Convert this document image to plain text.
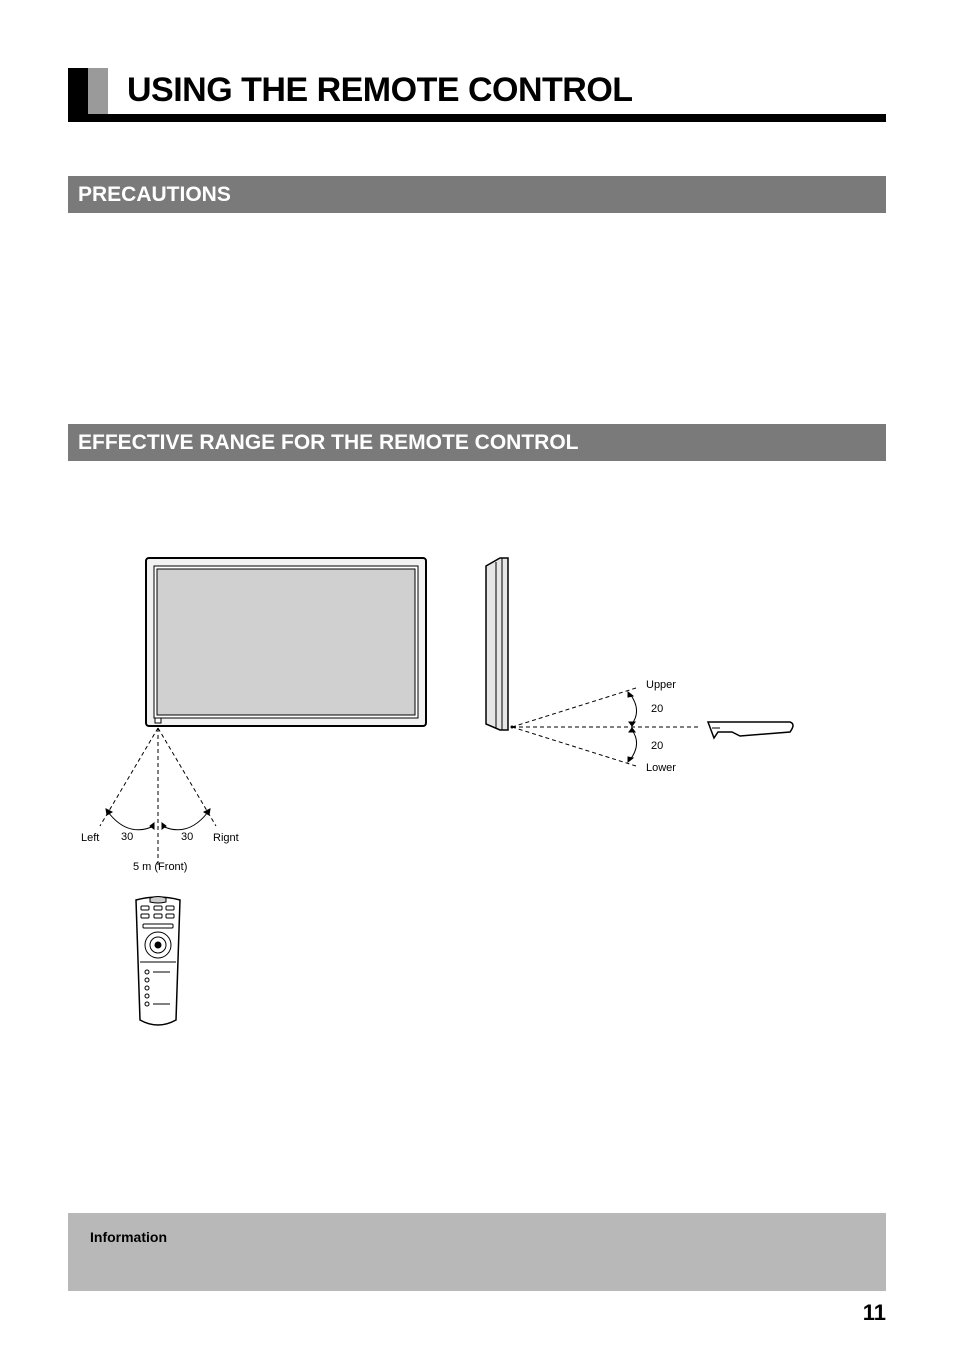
USING THE REMOTE CONTROL
PRECAUTIONS
EFFECTIVE RANGE FOR THE REMOTE CONTROL
Left 30	30 Rignt
5 m (Front)
Upper
20
20
Lower
Information
11
